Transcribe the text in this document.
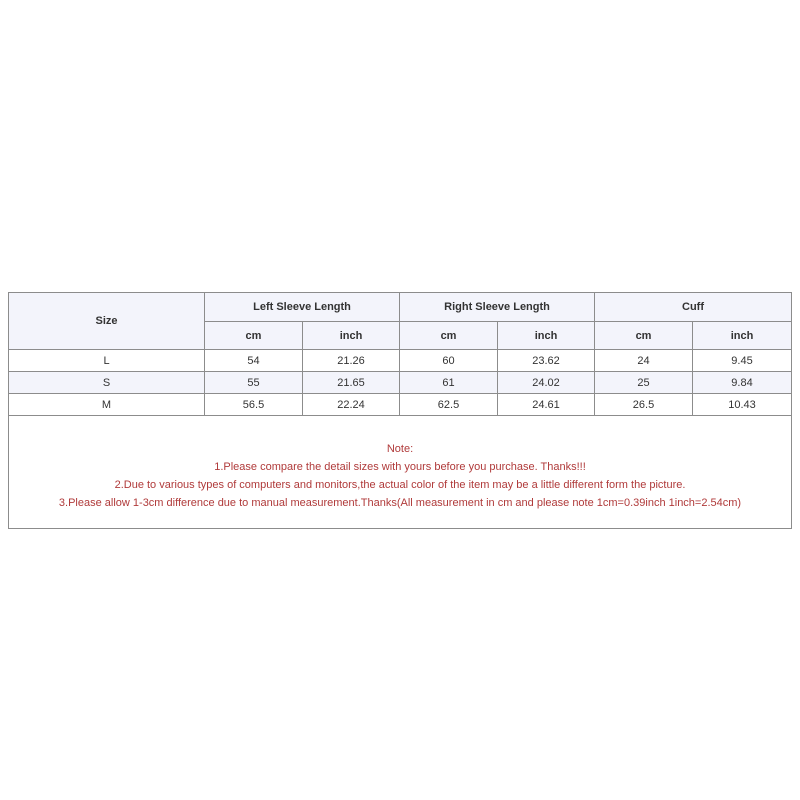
Size	Left Sleeve Length		Right Sleeve Length		Cuff	
	cm	inch	cm	inch	cm	inch
L	54	21.26	60	23.62	24	9.45
S	55	21.65	61	24.02	25	9.84
M	56.5	22.24	62.5	24.61	26.5	10.43

Note:
1.Please compare the detail sizes with yours before you purchase. Thanks!!!
2.Due to various types of computers and monitors,the actual color of the item may be a little different form the picture.
3.Please allow 1-3cm difference due to manual measurement.Thanks(All measurement in cm and please note 1cm=0.39inch 1inch=2.54cm)						
